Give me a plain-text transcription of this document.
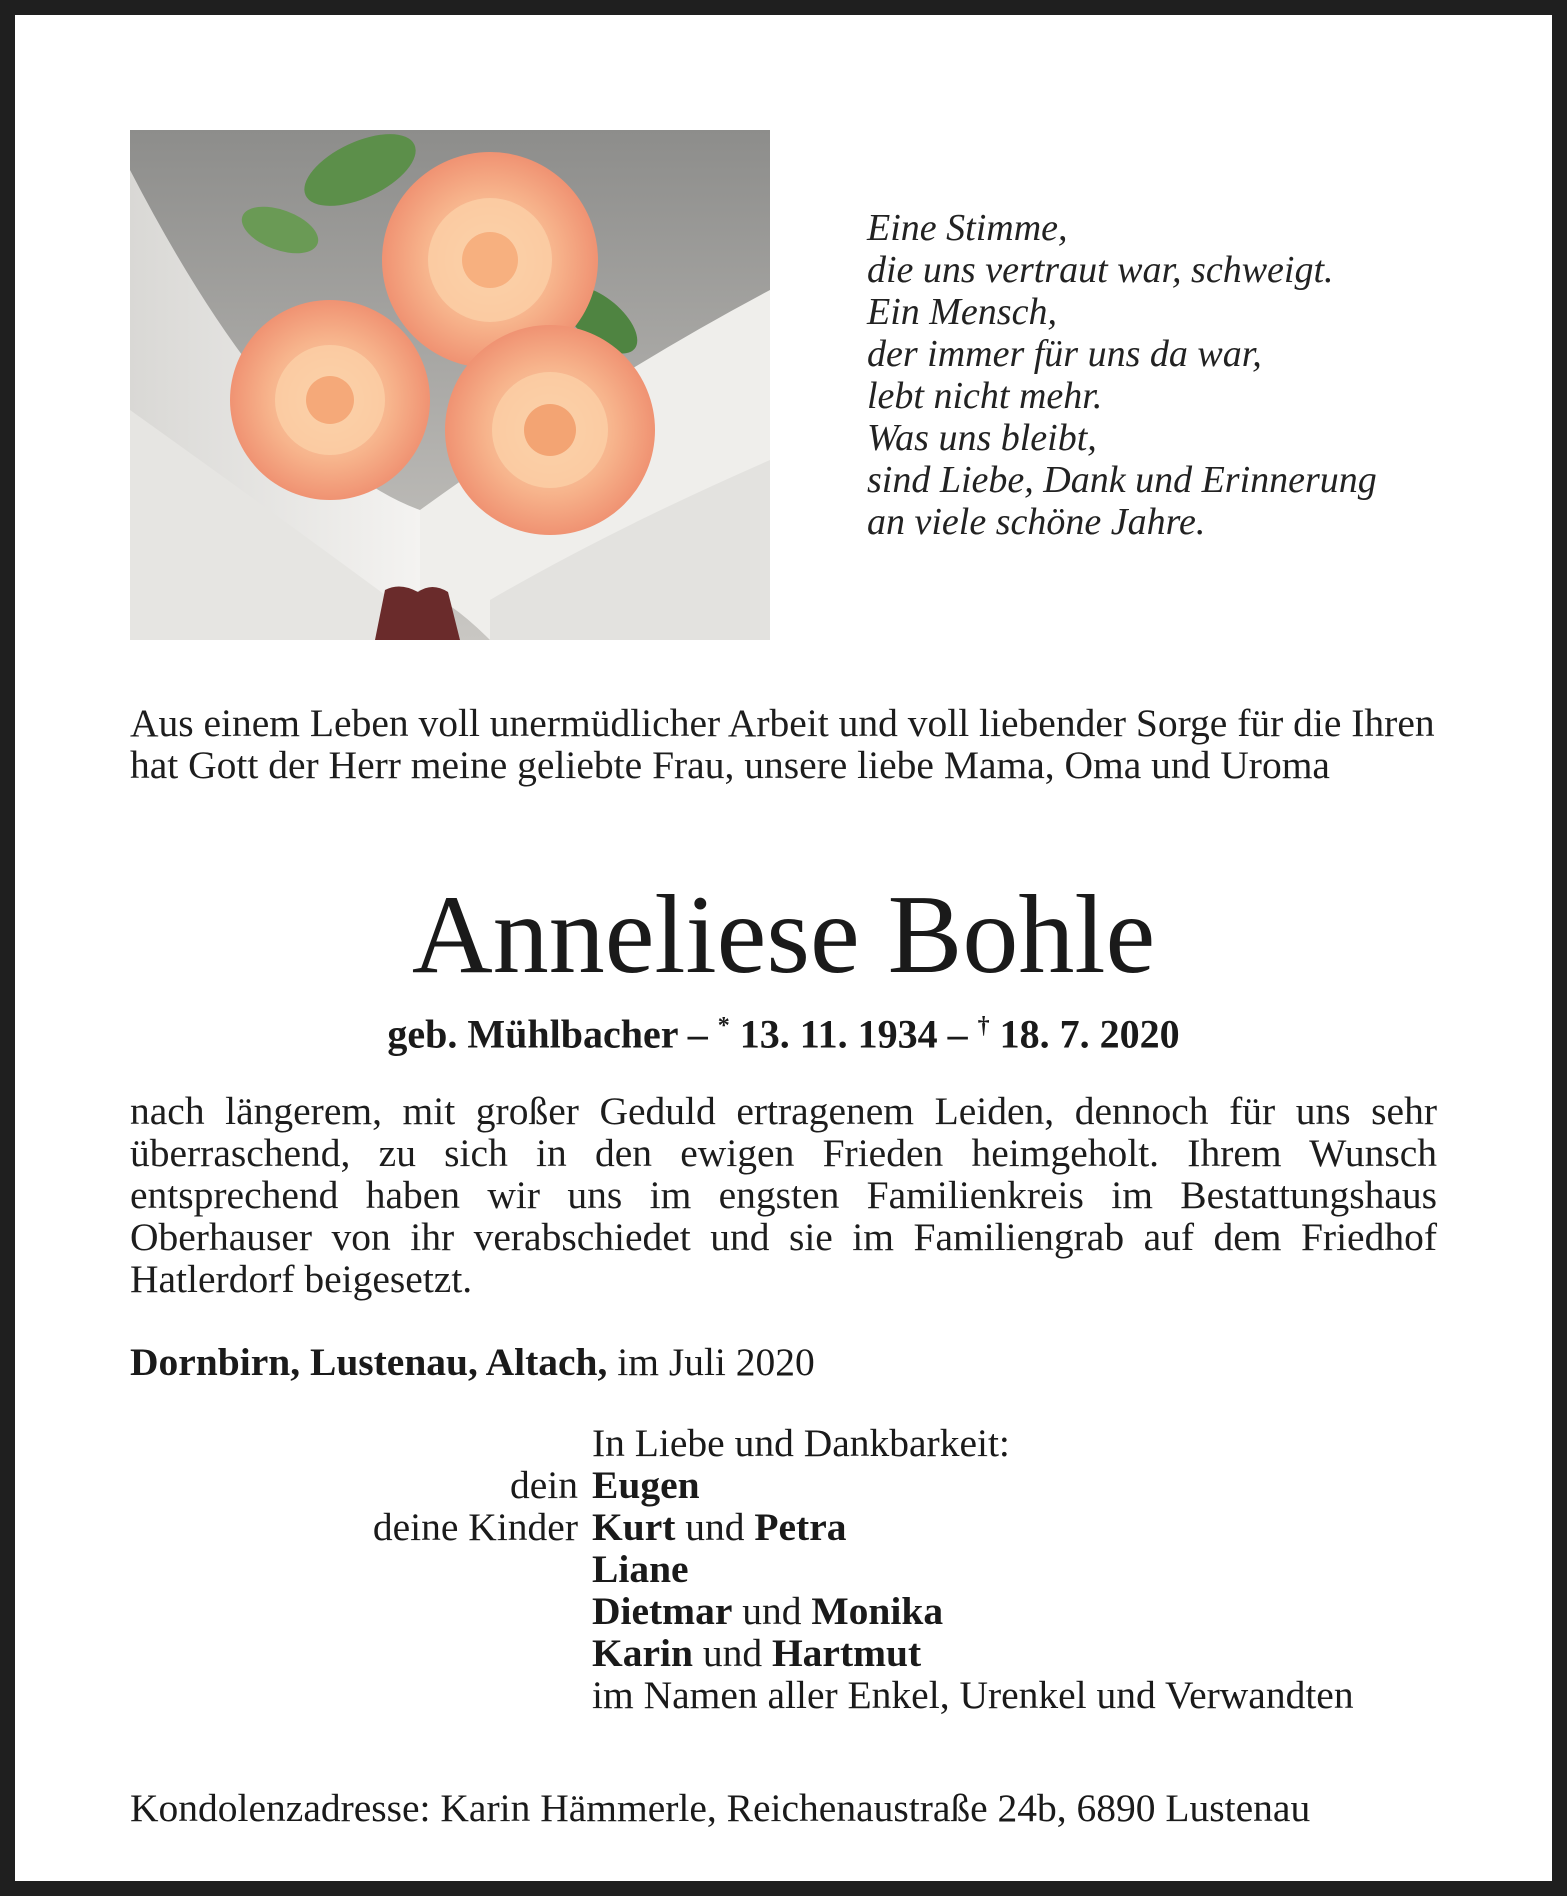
Eine Stimme,
die uns vertraut war, schweigt.
Ein Mensch,
der immer für uns da war,
lebt nicht mehr.
Was uns bleibt,
sind Liebe, Dank und Erinnerung
an viele schöne Jahre.
Aus einem Leben voll unermüdlicher Arbeit und voll liebender Sorge für die Ihren hat Gott der Herr meine geliebte Frau, unsere liebe Mama, Oma und Uroma
Anneliese Bohle
geb. Mühlbacher – * 13. 11. 1934 – † 18. 7. 2020
nach längerem, mit großer Geduld ertragenem Leiden, dennoch für uns sehr überraschend, zu sich in den ewigen Frieden heimgeholt. Ihrem Wunsch entsprechend haben wir uns im engsten Familienkreis im Bestattungshaus Oberhauser von ihr verabschiedet und sie im Familiengrab auf dem Friedhof Hatlerdorf beigesetzt.
Dornbirn, Lustenau, Altach, im Juli 2020
In Liebe und Dankbarkeit:
dein Eugen
deine Kinder Kurt und Petra
Liane
Dietmar und Monika
Karin und Hartmut
im Namen aller Enkel, Urenkel und Verwandten
Kondolenzadresse: Karin Hämmerle, Reichenaustraße 24b, 6890 Lustenau
